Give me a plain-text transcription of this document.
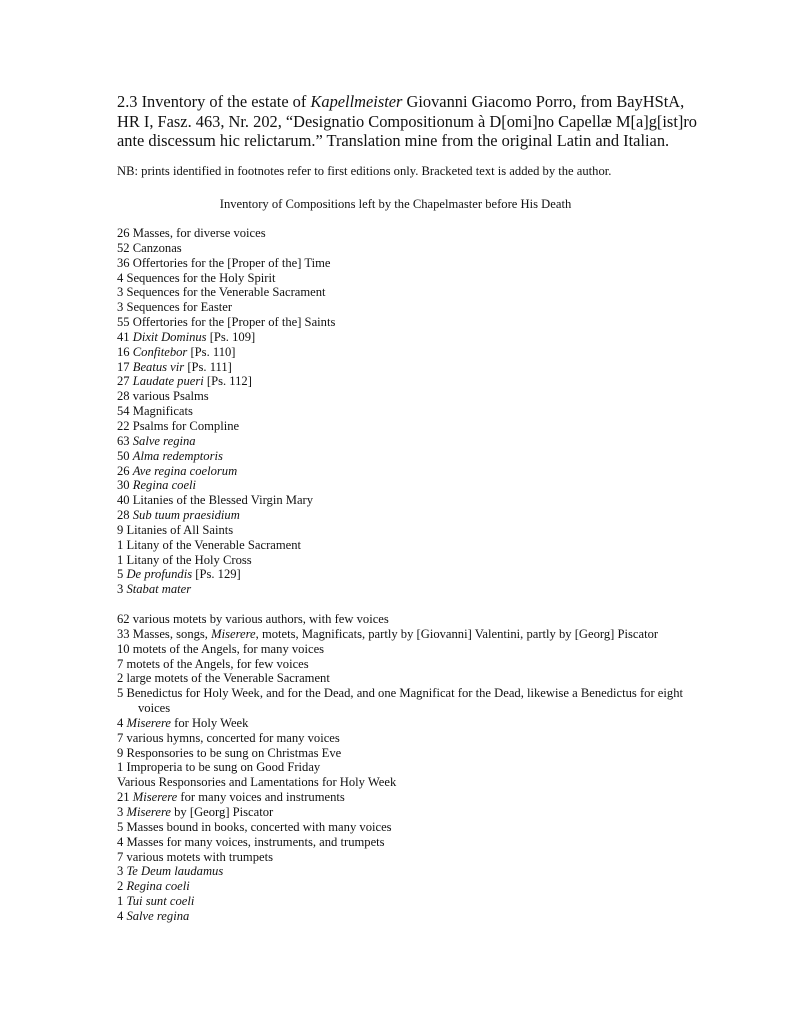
2.3 Inventory of the estate of Kapellmeister Giovanni Giacomo Porro, from BayHStA, HR I, Fasz. 463, Nr. 202, “Designatio Compositionum à D[omi]no Capellæ M[a]g[ist]ro ante discessum hic relictarum.” Translation mine from the original Latin and Italian.

NB: prints identified in footnotes refer to first editions only. Bracketed text is added by the author.

Inventory of Compositions left by the Chapelmaster before His Death

26 Masses, for diverse voices
52 Canzonas
36 Offertories for the [Proper of the] Time
4 Sequences for the Holy Spirit
3 Sequences for the Venerable Sacrament
3 Sequences for Easter
55 Offertories for the [Proper of the] Saints
41 Dixit Dominus [Ps. 109]
16 Confitebor [Ps. 110]
17 Beatus vir [Ps. 111]
27 Laudate pueri [Ps. 112]
28 various Psalms
54 Magnificats
22 Psalms for Compline
63 Salve regina
50 Alma redemptoris
26 Ave regina coelorum
30 Regina coeli
40 Litanies of the Blessed Virgin Mary
28 Sub tuum praesidium
9 Litanies of All Saints
1 Litany of the Venerable Sacrament
1 Litany of the Holy Cross
5 De profundis [Ps. 129]
3 Stabat mater
62 various motets by various authors, with few voices
33 Masses, songs, Miserere, motets, Magnificats, partly by [Giovanni] Valentini, partly by [Georg] Piscator
10 motets of the Angels, for many voices
7 motets of the Angels, for few voices
2 large motets of the Venerable Sacrament
5 Benedictus for Holy Week, and for the Dead, and one Magnificat for the Dead, likewise a Benedictus for eight voices
4 Miserere for Holy Week
7 various hymns, concerted for many voices
9 Responsories to be sung on Christmas Eve
1 Improperia to be sung on Good Friday
Various Responsories and Lamentations for Holy Week
21 Miserere for many voices and instruments
3 Miserere by [Georg] Piscator
5 Masses bound in books, concerted with many voices
4 Masses for many voices, instruments, and trumpets
7 various motets with trumpets
3 Te Deum laudamus
2 Regina coeli
1 Tui sunt coeli
4 Salve regina
